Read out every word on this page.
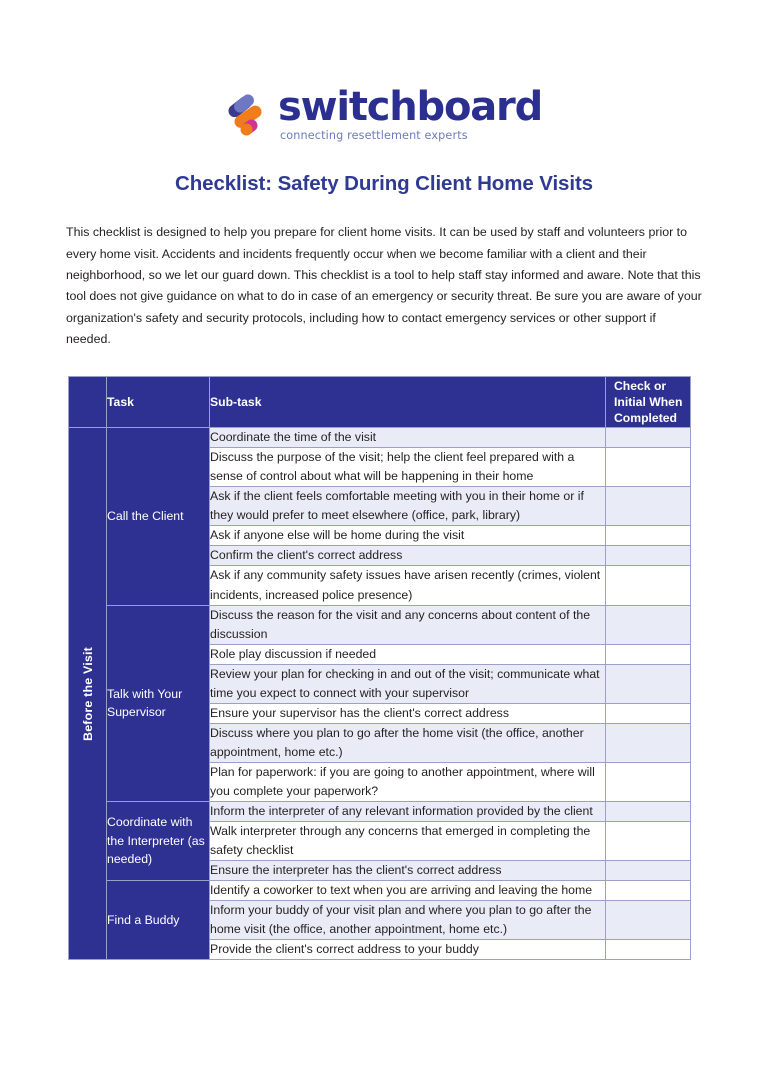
switchboard
connecting resettlement experts
Checklist: Safety During Client Home Visits

This checklist is designed to help you prepare for client home visits. It can be used by staff and volunteers prior to every home visit. Accidents and incidents frequently occur when we become familiar with a client and their neighborhood, so we let our guard down. This checklist is a tool to help staff stay informed and aware. Note that this tool does not give guidance on what to do in case of an emergency or security threat. Be sure you are aware of your organization's safety and security protocols, including how to contact emergency services or other support if needed.

	Task	Sub-task	Check or Initial When Completed

Before the Visit	Call the Client	Coordinate the time of the visit	
		Discuss the purpose of the visit; help the client feel prepared with a sense of control about what will be happening in their home	
		Ask if the client feels comfortable meeting with you in their home or if they would prefer to meet elsewhere (office, park, library)	
		Ask if anyone else will be home during the visit	
		Confirm the client's correct address	
		Ask if any community safety issues have arisen recently (crimes, violent incidents, increased police presence)	
	Talk with Your Supervisor	Discuss the reason for the visit and any concerns about content of the discussion	
		Role play discussion if needed	
		Review your plan for checking in and out of the visit; communicate what time you expect to connect with your supervisor	
		Ensure your supervisor has the client's correct address	
		Discuss where you plan to go after the home visit (the office, another appointment, home etc.)	
		Plan for paperwork: if you are going to another appointment, where will you complete your paperwork?	
	Coordinate with the Interpreter (as needed)	Inform the interpreter of any relevant information provided by the client	
		Walk interpreter through any concerns that emerged in completing the safety checklist	
		Ensure the interpreter has the client's correct address	
	Find a Buddy	Identify a coworker to text when you are arriving and leaving the home	
		Inform your buddy of your visit plan and where you plan to go after the home visit (the office, another appointment, home etc.)	
		Provide the client's correct address to your buddy	
